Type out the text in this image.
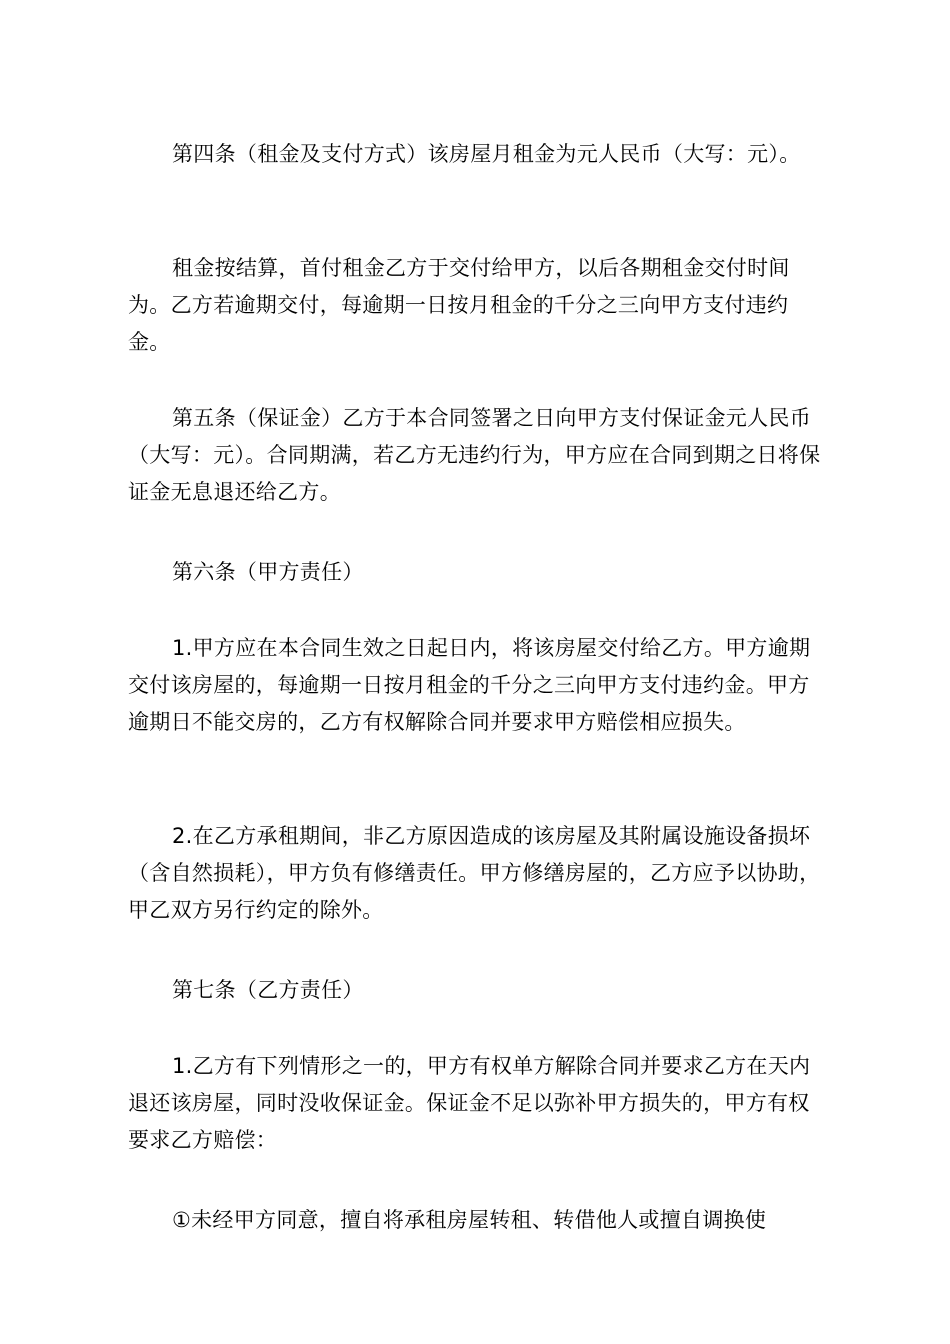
第四条（租金及支付方式）该房屋月租金为元人民币（大写：元）。

租金按结算，首付租金乙方于交付给甲方，以后各期租金交付时间为。乙方若逾期交付，每逾期一日按月租金的千分之三向甲方支付违约金。

第五条（保证金）乙方于本合同签署之日向甲方支付保证金元人民币（大写：元）。合同期满，若乙方无违约行为，甲方应在合同到期之日将保证金无息退还给乙方。

第六条（甲方责任）

1.甲方应在本合同生效之日起日内，将该房屋交付给乙方。甲方逾期交付该房屋的，每逾期一日按月租金的千分之三向甲方支付违约金。甲方逾期日不能交房的，乙方有权解除合同并要求甲方赔偿相应损失。

2.在乙方承租期间，非乙方原因造成的该房屋及其附属设施设备损坏（含自然损耗），甲方负有修缮责任。甲方修缮房屋的，乙方应予以协助，甲乙双方另行约定的除外。

第七条（乙方责任）

1.乙方有下列情形之一的，甲方有权单方解除合同并要求乙方在天内退还该房屋，同时没收保证金。保证金不足以弥补甲方损失的，甲方有权要求乙方赔偿：

①未经甲方同意，擅自将承租房屋转租、转借他人或擅自调换使
